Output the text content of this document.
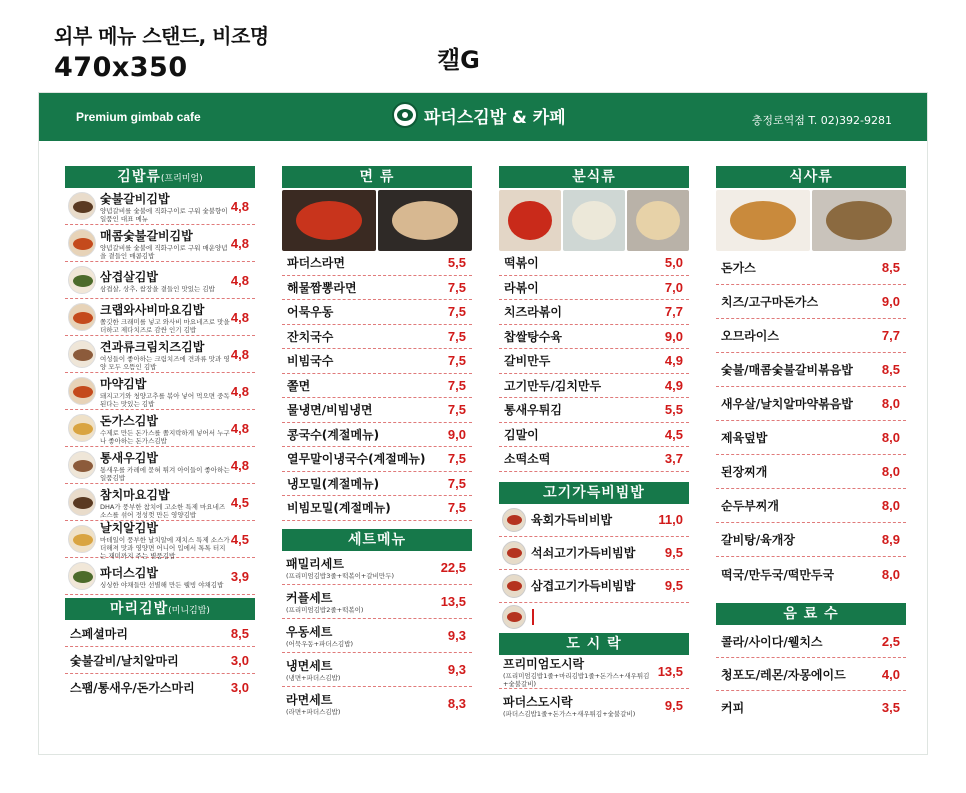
외부 메뉴 스탠드, 비조명
470x350	캘G
Premium gimbab cafe	파더스김밥 & 카페	충정로역점 T. 02)392-9281
김밥류(프리미엄)
숯불갈비김밥
양념갈비를 숯불에 직화구이로 구워 숯불향이 일품인 대표 메뉴
4,8
매콤숯불갈비김밥
양념갈비를 숯불에 직화구이로 구워 매운양념을 곁들인 매콤김밥
4,8
삼겹살김밥
삼겹살, 상추, 쌈장을 곁들인 맛있는 김밥
4,8
크랩와사비마요김밥
쫄깃한 크래미를 넣고 와사비 마요네즈로 맛을 더하고 제다치즈로 감싼 인기 김밥
4,8
견과류크림치즈김밥
여성들이 좋아하는 크림치즈에 견과류 맛과 영양 모두 으뜸인 김밥
4,8
마약김밥
돼지고기와 청양고추를 볶아 넣어 먹으면 중독된다는 맛있는 김밥
4,8
돈가스김밥
수제로 만든 돈가스를 쫄지락하게 넣어서 누구나 좋아하는 돈가스김밥
4,8
통새우김밥
통새우를 카레에 묻혀 튀겨 아이들이 좋아하는 일품김밥
4,8
참치마요김밥
DHA가 풍부한 참치에 고소한 특제 마요네즈소스를 섞어 정성껏 만든 영양김밥
4,5
날치알김밥
마데일이 풍부한 날치알에 재치스 특제 소스가 더해져 맛과 영양면 어니어 입에서 톡톡 터지는 재미까지 주는 별품김밥
4,5
파더스김밥
싱싱한 야채들만 선별해 만든 웰빙 야채김밥
3,9
마리김밥(미니김밥)
스페셜마리	8,5
숯불갈비/날치알마리	3,0
스팸/통새우/돈가스마리	3,0
면 류
파더스라면	5,5
해물짬뽕라면	7,5
어묵우동	7,5
잔치국수	7,5
비빔국수	7,5
쫄면	7,5
물냉면/비빔냉면	7,5
콩국수(계절메뉴)	9,0
열무말이냉국수(계절메뉴)	7,5
냉모밀(계절메뉴)	7,5
비빔모밀(계절메뉴)	7,5
세트메뉴
패밀리세트
(프리미엄김밥3줄+떡볶이+갈비만두)
22,5
커플세트
(프리미엄김밥2줄+떡볶이)
13,5
우동세트
(어묵우동+파더스김밥)
9,3
냉면세트
(냉면+파더스김밥)
9,3
라면세트
(라면+파더스김밥)
8,3
분식류
떡볶이	5,0
라볶이	7,0
치즈라볶이	7,7
찹쌀탕수육	9,0
갈비만두	4,9
고기만두/김치만두	4,9
통새우튀김	5,5
김말이	4,5
소떡소떡	3,7
고기가득비빔밥
육회가득비비밥	11,0
석쇠고기가득비빔밥	9,5
삼겹고기가득비빔밥	9,5
도 시 락
프리미엄도시락
(프리미엄김밥1줄+마리김밥1줄+돈가스+새우튀김+숯불갈비)
13,5
파더스도시락
(파더스김밥1줄+돈가스+새우튀김+숯불갈비)
9,5
식사류
돈가스	8,5
치즈/고구마돈가스	9,0
오므라이스	7,7
숯불/매콤숯불갈비볶음밥	8,5
새우살/날치알마약볶음밥	8,0
제육덮밥	8,0
된장찌개	8,0
순두부찌개	8,0
갈비탕/육개장	8,9
떡국/만두국/떡만두국	8,0
음 료 수
콜라/사이다/웰치스	2,5
청포도/레몬/자몽에이드	4,0
커피	3,5
